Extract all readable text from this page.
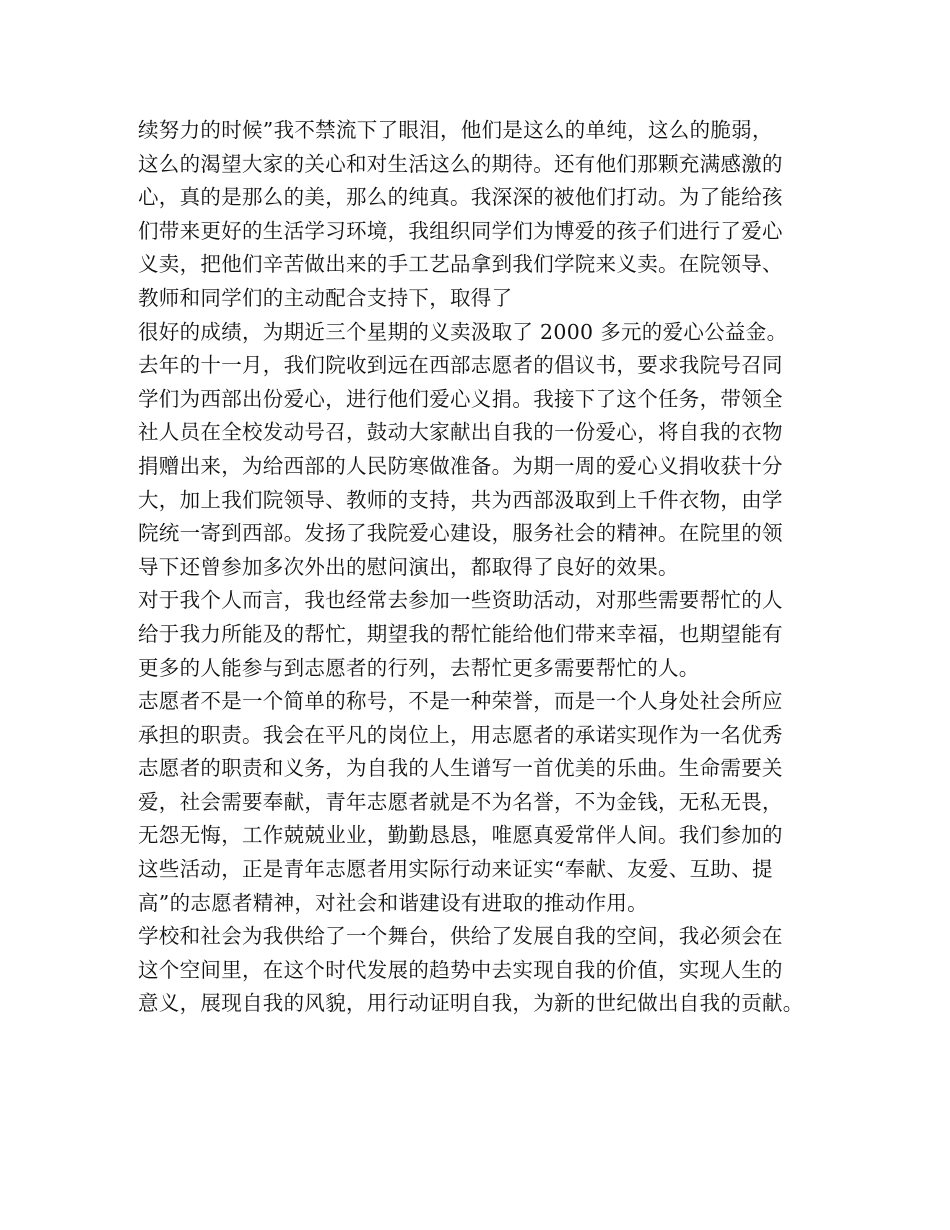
续努力的时候”我不禁流下了眼泪，他们是这么的单纯，这么的脆弱，
这么的渴望大家的关心和对生活这么的期待。还有他们那颗充满感激的
心，真的是那么的美，那么的纯真。我深深的被他们打动。为了能给孩
们带来更好的生活学习环境，我组织同学们为博爱的孩子们进行了爱心
义卖，把他们辛苦做出来的手工艺品拿到我们学院来义卖。在院领导、
教师和同学们的主动配合支持下，取得了
很好的成绩，为期近三个星期的义卖汲取了 2000 多元的爱心公益金。
去年的十一月，我们院收到远在西部志愿者的倡议书，要求我院号召同
学们为西部出份爱心，进行他们爱心义捐。我接下了这个任务，带领全
社人员在全校发动号召，鼓动大家献出自我的一份爱心，将自我的衣物
捐赠出来，为给西部的人民防寒做准备。为期一周的爱心义捐收获十分
大，加上我们院领导、教师的支持，共为西部汲取到上千件衣物，由学
院统一寄到西部。发扬了我院爱心建设，服务社会的精神。在院里的领
导下还曾参加多次外出的慰问演出，都取得了良好的效果。
对于我个人而言，我也经常去参加一些资助活动，对那些需要帮忙的人
给于我力所能及的帮忙，期望我的帮忙能给他们带来幸福，也期望能有
更多的人能参与到志愿者的行列，去帮忙更多需要帮忙的人。
志愿者不是一个简单的称号，不是一种荣誉，而是一个人身处社会所应
承担的职责。我会在平凡的岗位上，用志愿者的承诺实现作为一名优秀
志愿者的职责和义务，为自我的人生谱写一首优美的乐曲。生命需要关
爱，社会需要奉献，青年志愿者就是不为名誉，不为金钱，无私无畏，
无怨无悔，工作兢兢业业，勤勤恳恳，唯愿真爱常伴人间。我们参加的
这些活动，正是青年志愿者用实际行动来证实“奉献、友爱、互助、提
高”的志愿者精神，对社会和谐建设有进取的推动作用。
学校和社会为我供给了一个舞台，供给了发展自我的空间，我必须会在
这个空间里，在这个时代发展的趋势中去实现自我的价值，实现人生的
意义，展现自我的风貌，用行动证明自我，为新的世纪做出自我的贡献。
